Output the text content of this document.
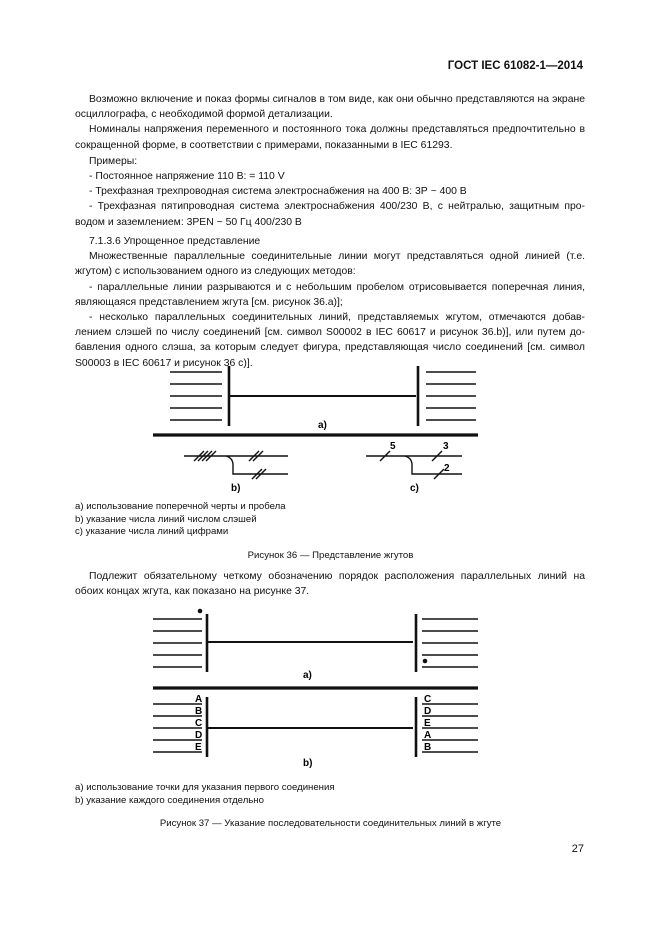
ГОСТ IEC 61082-1—2014

Возможно включение и показ формы сигналов в том виде, как они обычно представляются на экране осциллографа, с необходимой формой детализации.

Номиналы напряжения переменного и постоянного тока должны представляться предпочтительно в сокращенной форме, в соответствии с примерами, показанными в IEC 61293.

Примеры:

- Постоянное напряжение 110 В: = 110 V

- Трехфазная трехпроводная система электроснабжения на 400 В: 3Р ~ 400 В

- Трехфазная пятипроводная система электроснабжения 400/230 В, с нейтралью, защитным проводом и заземлением: 3PEN ~ 50 Гц 400/230 В

7.1.3.6 Упрощенное представление

Множественные параллельные соединительные линии могут представляться одной линией (т.е. жгутом) с использованием одного из следующих методов:

- параллельные линии разрываются и с небольшим пробелом отрисовывается поперечная линия, являющаяся представлением жгута [см. рисунок 36.а)];

- несколько параллельных соединительных линий, представляемых жгутом, отмечаются добавлением слэшей по числу соединений [см. символ S00002 в IEC 60617 и рисунок 36.b)], или путем добавления одного слэша, за которым следует фигура, представляющая число соединений [см. символ S00003 в IEC 60617 и рисунок 36 с)].

a)
b)	c)
5	3
2
а) использование поперечной черты и пробела
b) указание числа линий числом слэшей
с) указание числа линий цифрами
Рисунок 36 — Представление жгутов

Подлежит обязательному четкому обозначению порядок расположения параллельных линий на обоих концах жгута, как показано на рисунке 37.

a)
b)
A
B
C
D
E
C
D
E
A
B
а) использование точки для указания первого соединения
b) указание каждого соединения отдельно
Рисунок 37 — Указание последовательности соединительных линий в жгуте
27
